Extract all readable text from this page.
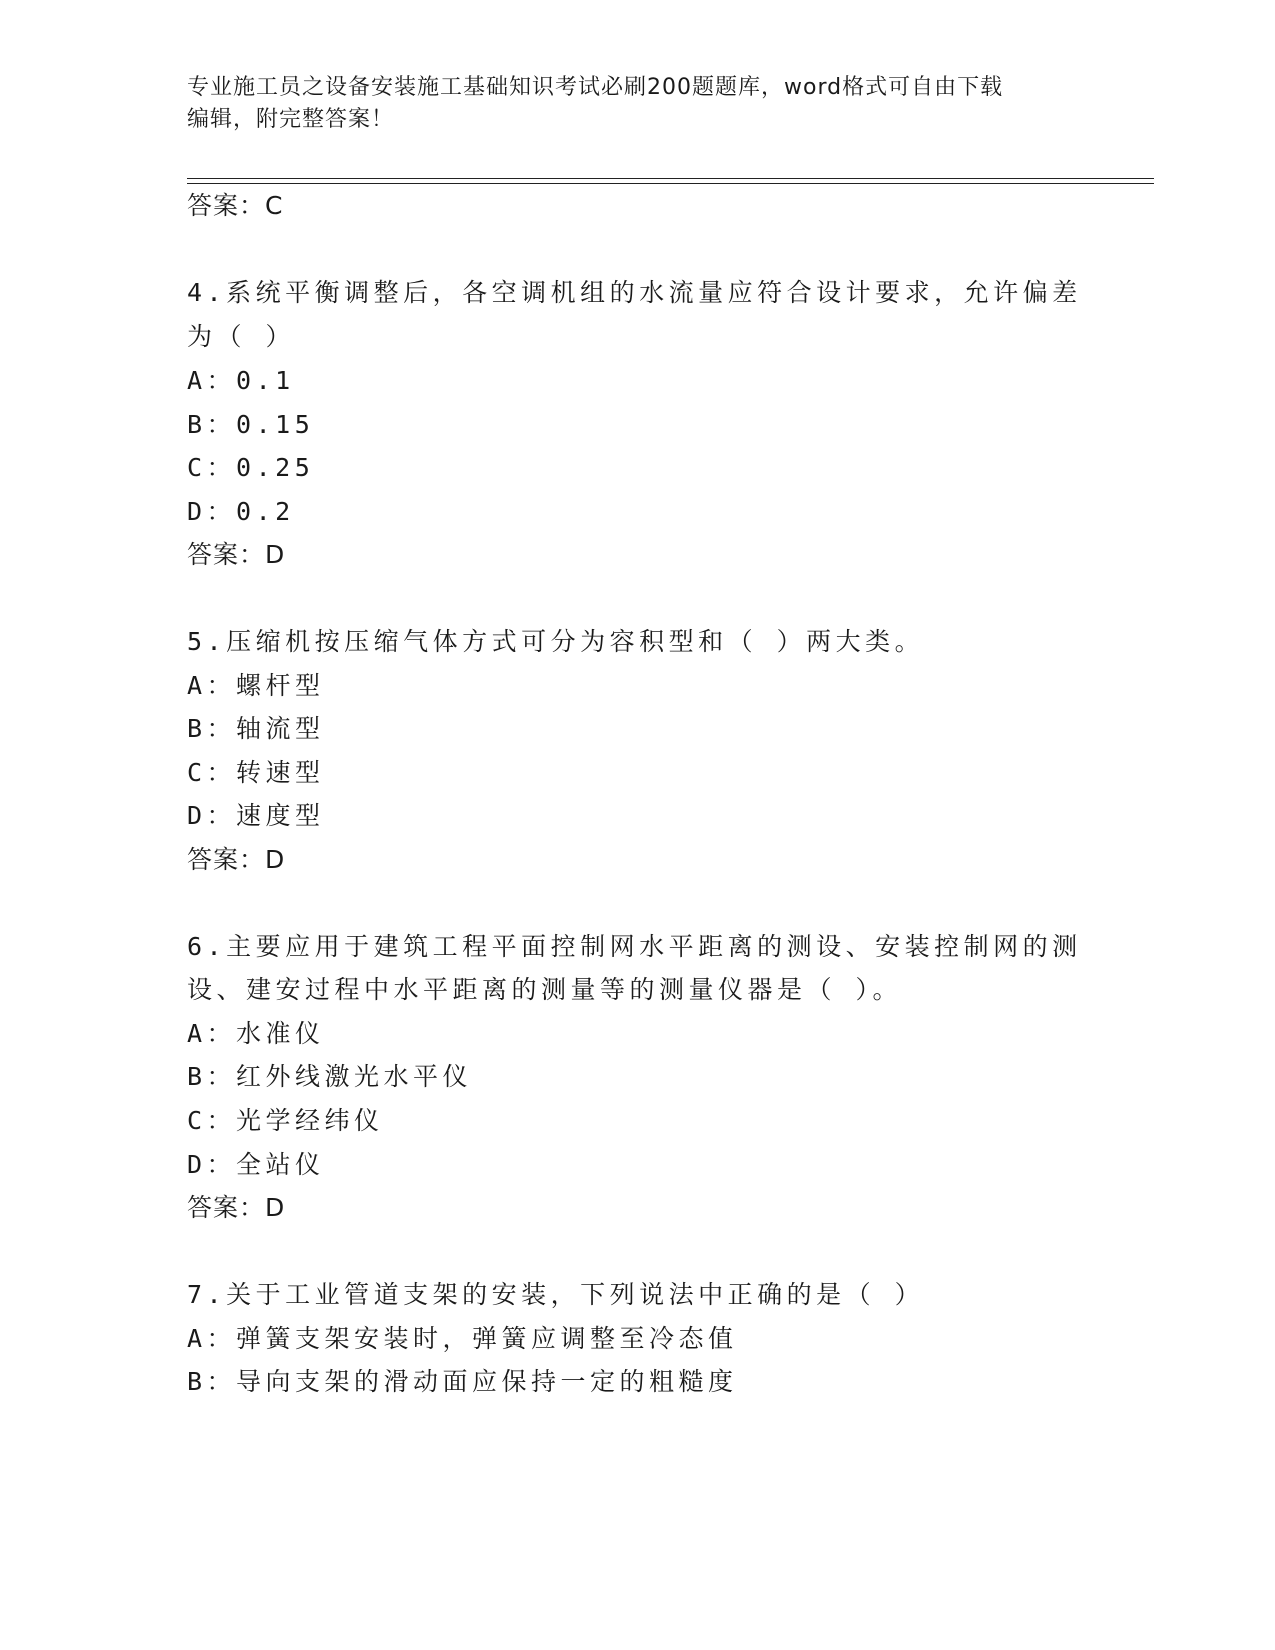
专业施工员之设备安装施工基础知识考试必刷200题题库，word格式可自由下载
编辑，附完整答案！
答案：C
4.系统平衡调整后，各空调机组的水流量应符合设计要求，允许偏差
为（ ）
A：0.1
B：0.15
C：0.25
D：0.2
答案：D
5.压缩机按压缩气体方式可分为容积型和（ ）两大类。
A：螺杆型
B：轴流型
C：转速型
D：速度型
答案：D
6.主要应用于建筑工程平面控制网水平距离的测设、安装控制网的测
设、建安过程中水平距离的测量等的测量仪器是（ ）。
A：水准仪
B：红外线激光水平仪
C：光学经纬仪
D：全站仪
答案：D
7.关于工业管道支架的安装，下列说法中正确的是（ ）
A：弹簧支架安装时，弹簧应调整至冷态值
B：导向支架的滑动面应保持一定的粗糙度
